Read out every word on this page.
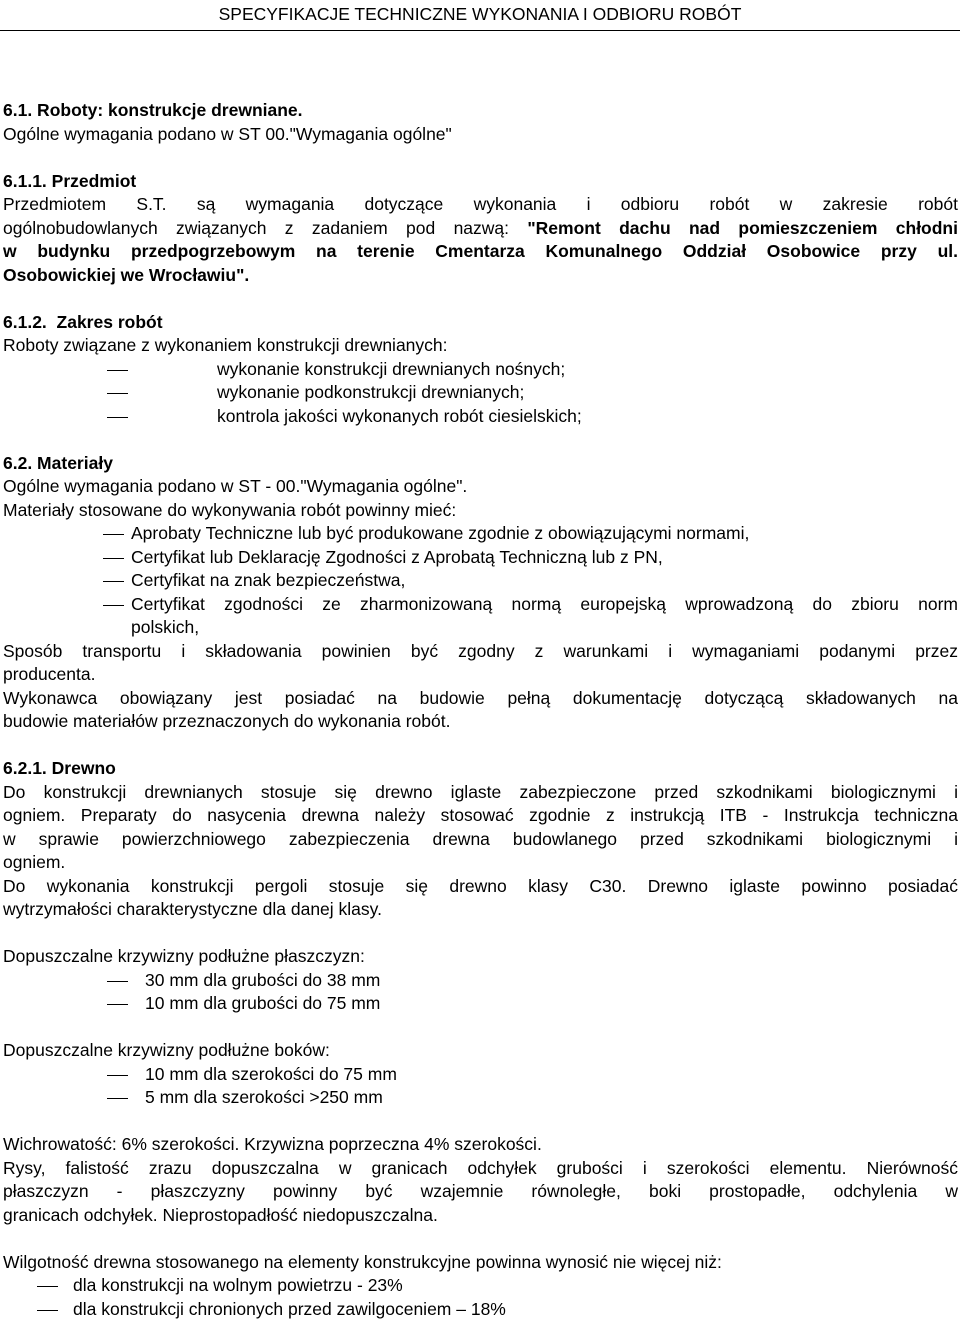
SPECYFIKACJE TECHNICZNE WYKONANIA I ODBIORU ROBÓT

6.1. Roboty: konstrukcje drewniane.

Ogólne wymagania podano w ST 00."Wymagania ogólne"

6.1.1. Przedmiot

Przedmiotem S.T. są wymagania dotyczące wykonania i odbioru robót w zakresie robót

ogólnobudowlanych związanych z zadaniem pod nazwą: "Remont dachu nad pomieszczeniem chłodni

w budynku przedpogrzebowym na terenie Cmentarza Komunalnego Oddział Osobowice przy ul.

Osobowickiej we Wrocławiu".

6.1.2. Zakres robót

Roboty związane z wykonaniem konstrukcji drewnianych:

wykonanie konstrukcji drewnianych nośnych;
wykonanie podkonstrukcji drewnianych;
kontrola jakości wykonanych robót ciesielskich;

6.2. Materiały

Ogólne wymagania podano w ST - 00."Wymagania ogólne".

Materiały stosowane do wykonywania robót powinny mieć:

Aprobaty Techniczne lub być produkowane zgodnie z obowiązującymi normami,
Certyfikat lub Deklarację Zgodności z Aprobatą Techniczną lub z PN,
Certyfikat na znak bezpieczeństwa,
Certyfikat zgodności ze zharmonizowaną normą europejską wprowadzoną do zbioru norm
polskich,

Sposób transportu i składowania powinien być zgodny z warunkami i wymaganiami podanymi przez

producenta.

Wykonawca obowiązany jest posiadać na budowie pełną dokumentację dotyczącą składowanych na

budowie materiałów przeznaczonych do wykonania robót.

6.2.1. Drewno

Do konstrukcji drewnianych stosuje się drewno iglaste zabezpieczone przed szkodnikami biologicznymi i

ogniem. Preparaty do nasycenia drewna należy stosować zgodnie z instrukcją ITB - Instrukcja techniczna

w sprawie powierzchniowego zabezpieczenia drewna budowlanego przed szkodnikami biologicznymi i

ogniem.

Do wykonania konstrukcji pergoli stosuje się drewno klasy C30. Drewno iglaste powinno posiadać

wytrzymałości charakterystyczne dla danej klasy.

Dopuszczalne krzywizny podłużne płaszczyzn:

30 mm dla grubości do 38 mm
10 mm dla grubości do 75 mm

Dopuszczalne krzywizny podłużne boków:

10 mm dla szerokości do 75 mm
5 mm dla szerokości >250 mm

Wichrowatość: 6% szerokości. Krzywizna poprzeczna 4% szerokości.

Rysy, falistość zrazu dopuszczalna w granicach odchyłek grubości i szerokości elementu. Nierówność

płaszczyzn - płaszczyzny powinny być wzajemnie równoległe, boki prostopadłe, odchylenia w

granicach odchyłek. Nieprostopadłość niedopuszczalna.

Wilgotność drewna stosowanego na elementy konstrukcyjne powinna wynosić nie więcej niż:

dla konstrukcji na wolnym powietrzu - 23%
dla konstrukcji chronionych przed zawilgoceniem – 18%
